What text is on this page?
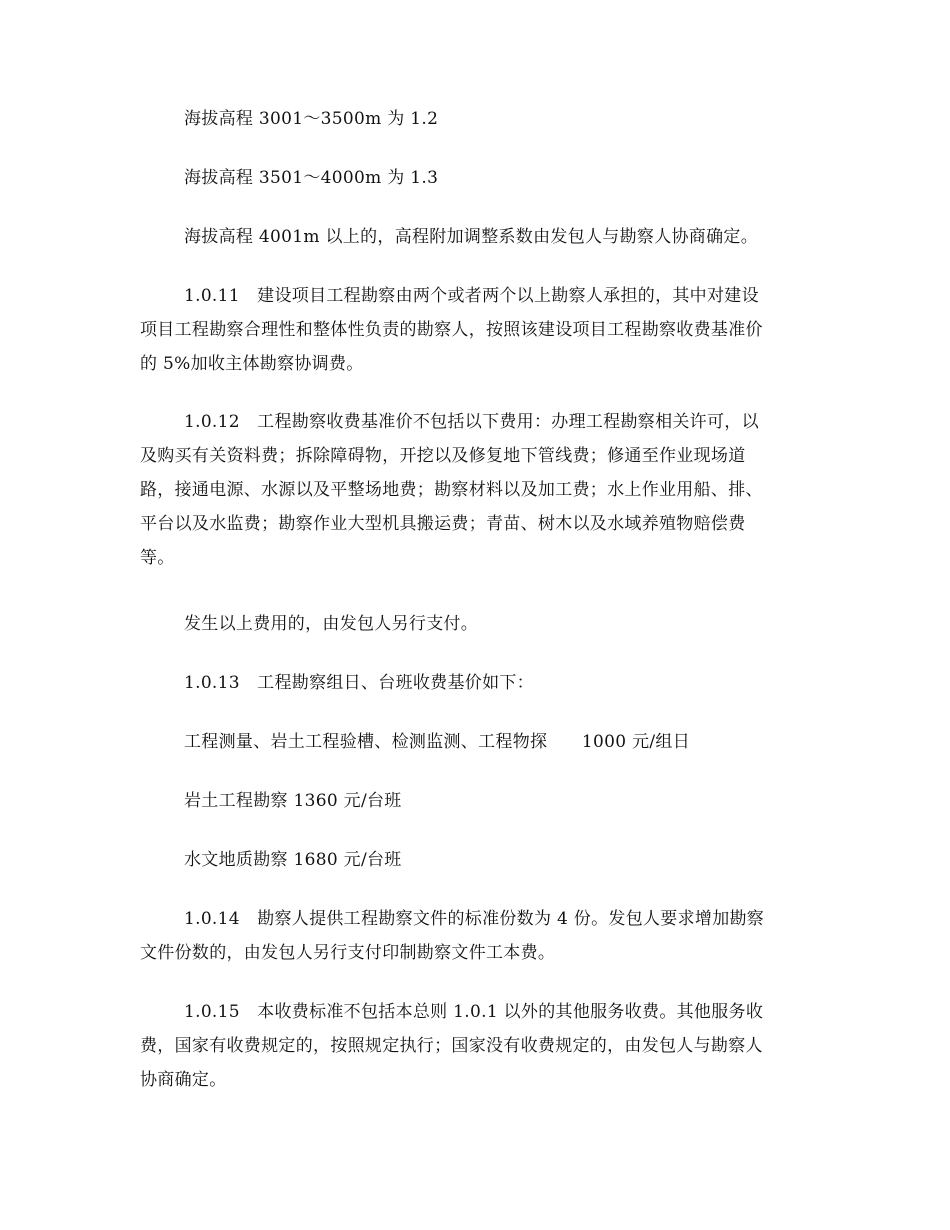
海拔高程 3001～3500m 为 1.2
海拔高程 3501～4000m 为 1.3
海拔高程 4001m 以上的，高程附加调整系数由发包人与勘察人协商确定。
1.0.11　建设项目工程勘察由两个或者两个以上勘察人承担的，其中对建设
项目工程勘察合理性和整体性负责的勘察人，按照该建设项目工程勘察收费基准价
的 5%加收主体勘察协调费。
1.0.12　工程勘察收费基准价不包括以下费用：办理工程勘察相关许可，以
及购买有关资料费；拆除障碍物，开挖以及修复地下管线费；修通至作业现场道
路，接通电源、水源以及平整场地费；勘察材料以及加工费；水上作业用船、排、
平台以及水监费；勘察作业大型机具搬运费；青苗、树木以及水域养殖物赔偿费
等。
发生以上费用的，由发包人另行支付。
1.0.13　工程勘察组日、台班收费基价如下：
工程测量、岩土工程验槽、检测监测、工程物探　　1000 元/组日
岩土工程勘察 1360 元/台班
水文地质勘察 1680 元/台班
1.0.14　勘察人提供工程勘察文件的标准份数为 4 份。发包人要求增加勘察
文件份数的，由发包人另行支付印制勘察文件工本费。
1.0.15　本收费标准不包括本总则 1.0.1 以外的其他服务收费。其他服务收
费，国家有收费规定的，按照规定执行；国家没有收费规定的，由发包人与勘察人
协商确定。
